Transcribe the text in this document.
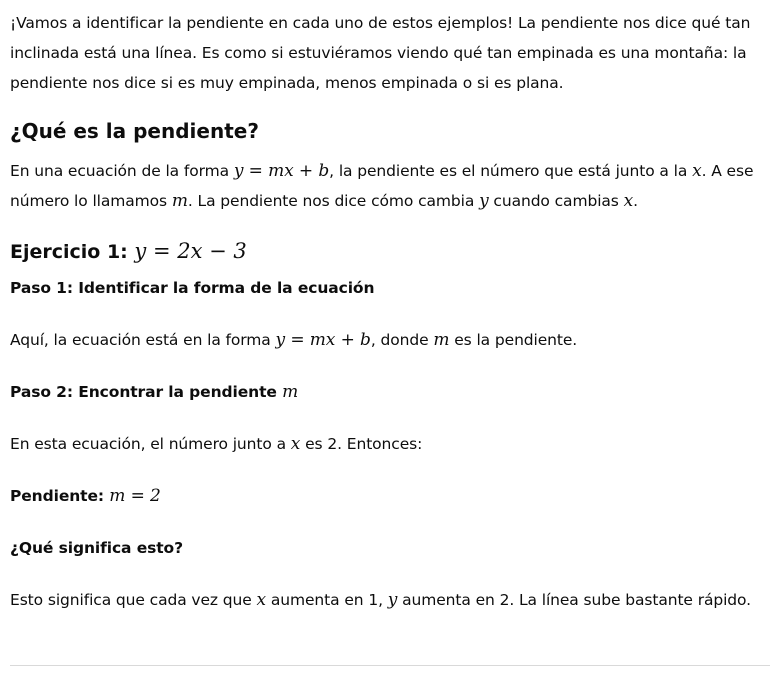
¡Vamos a identificar la pendiente en cada uno de estos ejemplos! La pendiente nos dice qué tan inclinada está una línea. Es como si estuviéramos viendo qué tan empinada es una montaña: la pendiente nos dice si es muy empinada, menos empinada o si es plana.

¿Qué es la pendiente?

En una ecuación de la forma y = mx + b, la pendiente es el número que está junto a la x. A ese número lo llamamos m. La pendiente nos dice cómo cambia y cuando cambias x.

Ejercicio 1: y = 2x − 3

Paso 1: Identificar la forma de la ecuación

Aquí, la ecuación está en la forma y = mx + b, donde m es la pendiente.

Paso 2: Encontrar la pendiente m

En esta ecuación, el número junto a x es 2. Entonces:

Pendiente: m = 2

¿Qué significa esto?

Esto significa que cada vez que x aumenta en 1, y aumenta en 2. La línea sube bastante rápido.
